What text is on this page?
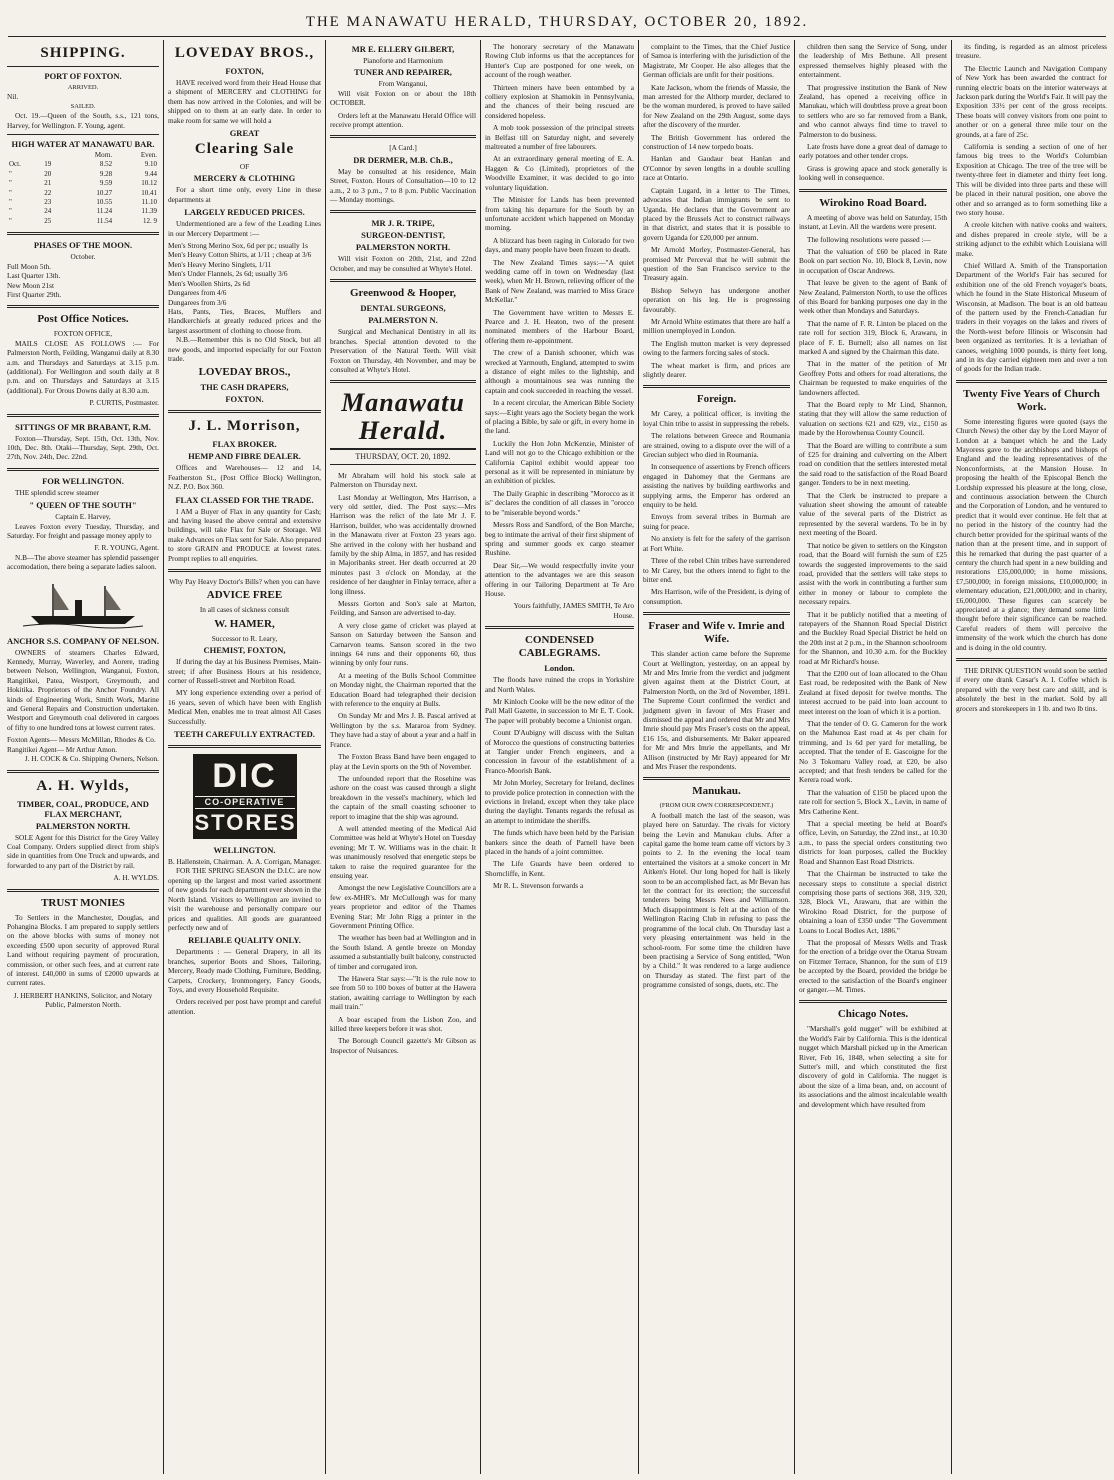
THE MANAWATU HERALD, THURSDAY, OCTOBER 20, 1892.
SHIPPING.
PORT OF FOXTON.
ARRIVED.
Nil.
SAILED.

Oct. 19.—Queen of the South, s.s., 121 tons, Harvey, for Wellington. F. Young, agent.

HIGH WATER AT MANAWATU BAR.
		Morn.	Even.
Oct.	19	8.52	9.10
"	20	9.28	9.44
"	21	9.59	10.12
"	22	10.27	10.41
"	23	10.55	11.10
"	24	11.24	11.39
"	25	11.54	12. 9
PHASES OF THE MOON.
October.
Full Moon 5th.
Last Quarter 13th.
New Moon 21st
First Quarter 29th.
Post Office Notices.
FOXTON OFFICE,

MAILS CLOSE AS FOLLOWS :— For Palmerston North, Feilding, Wanganui daily at 8.30 a.m. and Thursdays and Saturdays at 3.15 p.m. (additional). For Wellington and south daily at 8 p.m. and on Thursdays and Saturdays at 3.15 (additional). For Orous Downs daily at 8.30 a.m.

P. CURTIS, Postmaster.
SITTINGS OF MR BRABANT, R.M.

Foxton—Thursday, Sept. 15th, Oct. 13th, Nov. 10th, Dec. 8th. Otaki—Thursday, Sept. 29th, Oct. 27th, Nov. 24th, Dec. 22nd.

FOR WELLINGTON.

THE splendid screw steamer

" QUEEN OF THE SOUTH"
Captain E. Harvey,

Leaves Foxton every Tuesday, Thursday, and Saturday. For freight and passage money apply to

F. R. YOUNG, Agent.

N.B—The above steamer has splendid passenger accomodation, there being a separate ladies saloon.

ANCHOR S.S. COMPANY OF NELSON.

OWNERS of steamers Charles Edward, Kennedy, Murray, Waverley, and Aorere, trading between Nelson, Wellington, Wanganui, Foxton, Rangitikei, Patea, Westport, Greymouth, and Hokitika. Proprietors of the Anchor Foundry. All kinds of Engineering Work, Smith Work, Marine and General Repairs and Construction undertaken. Westport and Greymouth coal delivered in cargoes of fifty to one hundred tons at lowest current rates.

Foxton Agents— Messrs McMillan, Rhodes & Co.
Rangitikei Agent— Mr Arthur Amon.
J. H. COCK & Co. Shipping Owners, Nelson.
A. H. Wylds,
TIMBER, COAL, PRODUCE, AND FLAX MERCHANT,
PALMERSTON NORTH.

SOLE Agent for this District for the Grey Valley Coal Company. Orders supplied direct from ship's side in quantities from One Truck and upwards, and forwarded to any part of the District by rail.

A. H. WYLDS.
TRUST MONIES

To Settlers in the Manchester, Douglas, and Pohangina Blocks. I am prepared to supply settlers on the above blocks with sums of money not exceeding £500 upon security of approved Rural Land without requiring payment of procuration, commission, or other such fees, and at current rate of interest. £40,000 in sums of £2000 upwards at current rates.

J. HERBERT HANKINS, Solicitor, and Notary Public, Palmerston North.
LOVEDAY BROS.,
FOXTON,

HAVE received word from their Head House that a shipment of MERCERY and CLOTHING for them has now arrived in the Colonies, and will be shipped on to them at an early date. In order to make room for same we will hold a

GREAT
Clearing Sale
OF
MERCERY & CLOTHING

For a short time only, every Line in these departments at

LARGELY REDUCED PRICES.

Undermentioned are a few of the Leading Lines in our Mercery Department :—

Men's Strong Merino Sox, 6d per pr.; usually 1s
Men's Heavy Cotton Shirts, at 1/11 ; cheap at 3/6
Men's Heavy Merino Singlets, 1/11
Men's Under Flannels, 2s 6d; usually 3/6
Men's Woollen Shirts, 2s 6d
Dungarees from 4/6
Dungarees from 3/6
Hats, Pants, Ties, Braces, Mufflers and Handkerchiefs at greatly reduced prices and the largest assortment of clothing to choose from.

N.B.—Remember this is no Old Stock, but all new goods, and imported especially for our Foxton trade.

LOVEDAY BROS.,
THE CASH DRAPERS,
FOXTON.
J. L. Morrison,
FLAX BROKER.
HEMP AND FIBRE DEALER.

Offices and Warehouses— 12 and 14, Featherston St., (Post Office Block) Wellington, N.Z. P.O. Box 360.

FLAX CLASSED FOR THE TRADE.

I AM a Buyer of Flax in any quantity for Cash; and having leased the above central and extensive buildings, will take Flax for Sale or Storage. Wil make Advances on Flax sent for Sale. Also prepared to store GRAIN and PRODUCE at lowest rates. Prompt replies to all enquiries.

Why Pay Heavy Doctor's Bills? when you can have
ADVICE FREE
In all cases of sickness consult
W. HAMER,
Successor to R. Leary,
CHEMIST, FOXTON,

If during the day at his Business Premises, Main-street; if after Business Hours at his residence, corner of Russell-street and Norbiton Road.

MY long experience extending over a period of 16 years, seven of which have been with English Medical Men, enables me to treat almost All Cases Successfully.

TEETH CAREFULLY EXTRACTED.
DIC
CO-OPERATIVE
STORES
WELLINGTON.
B. Hallenstein, Chairman. A. A. Corrigan, Manager.

FOR THE SPRING SEASON the D.I.C. are now opening up the largest and most varied assortment of new goods for each department ever shown in the North Island. Visitors to Wellington are invited to visit the warehouse and personally compare our prices and qualities. All goods are guaranteed perfectly new and of

RELIABLE QUALITY ONLY.

Departments : — General Drapery, in all its branches, superior Boots and Shoes, Tailoring, Mercery, Ready made Clothing, Furniture, Bedding, Carpets, Crockery, Ironmongery, Fancy Goods, Toys, and every Household Requisite.

Orders received per post have prompt and careful attention.

MR E. ELLERY GILBERT,
Pianoforte and Harmonium
TUNER AND REPAIRER,
From Wanganui,

Will visit Foxton on or about the 18th OCTOBER.

Orders left at the Manawatu Herald Office will receive prompt attention.

[A Card.]
DR DERMER, M.B. Ch.B.,

May be consulted at his residence, Main Street, Foxton. Hours of Consultation—10 to 12 a.m., 2 to 3 p.m., 7 to 8 p.m. Public Vaccination — Monday mornings.

MR J. R. TRIPE,
SURGEON-DENTIST,
PALMERSTON NORTH.

Will visit Foxton on 20th, 21st, and 22nd October, and may be consulted at Whyte's Hotel.

Greenwood & Hooper,
DENTAL SURGEONS,
PALMERSTON N.

Surgical and Mechanical Dentistry in all its branches. Special attention devoted to the Preservation of the Natural Teeth. Will visit Foxton on Thursday, 4th November, and may be consulted at Whyte's Hotel.

Manawatu Herald.
THURSDAY, OCT. 20, 1892.

Mr Abraham will hold his stock sale at Palmerston on Thursday next.

Last Monday at Wellington, Mrs Harrison, a very old settler, died. The Post says:—Mrs Harrison was the relict of the late Mr J. F. Harrison, builder, who was accidentally drowned in the Manawatu river at Foxton 23 years ago. She arrived in the colony with her husband and family by the ship Alma, in 1857, and has resided in Majoribanks street. Her death occurred at 20 minutes past 3 o'clock on Monday, at the residence of her daughter in Finlay terrace, after a long illness.

Messrs Gorton and Son's sale at Marton, Feilding, and Sanson are advertised to-day.

A very close game of cricket was played at Sanson on Saturday between the Sanson and Carnarvon teams. Sanson scored in the two innings 64 runs and their opponents 60, thus winning by only four runs.

At a meeting of the Bulls School Committee on Monday night, the Chairman reported that the Education Board had telegraphed their decision with reference to the enquiry at Bulls.

On Sunday Mr and Mrs J. B. Pascal arrived at Wellington by the s.s. Mararoa from Sydney. They have had a stay of about a year and a half in France.

The Foxton Brass Band have been engaged to play at the Levin sports on the 9th of November.

The unfounded report that the Rosehine was ashore on the coast was caused through a slight breakdown in the vessel's machinery, which led the captain of the small coasting schooner to report to imagine that the ship was aground.

A well attended meeting of the Medical Aid Committee was held at Whyte's Hotel on Tuesday evening; Mr T. W. Williams was in the chair. It was unanimously resolved that energetic steps be taken to raise the required guarantee for the ensuing year.

Amongst the new Legislative Councillors are a few ex-MHR's. Mr McCullough was for many years proprietor and editor of the Thames Evening Star; Mr John Rigg a printer in the Government Printing Office.

The weather has been bad at Wellington and in the South Island. A gentle breeze on Monday assumed a substantially built balcony, constructed of timber and corrugated iron.

The Hawera Star says:—"It is the rule now to see from 50 to 100 boxes of butter at the Hawera station, awaiting carriage to Wellington by each mail train."

A boar escaped from the Lisbon Zoo, and killed three keepers before it was shot.

The Borough Council gazette's Mr Gibson as Inspector of Nuisances.

The honorary secretary of the Manawatu Rowing Club informs us that the acceptances for Hunter's Cup are postponed for one week, on account of the rough weather.

Thirteen miners have been entombed by a colliery explosion at Shamokin in Pennsylvania, and the chances of their being rescued are considered hopeless.

A mob took possession of the principal streets in Belfast till on Saturday night, and severely maltreated a number of free labourers.

At an extraordinary general meeting of E. A. Haggen & Co (Limited), proprietors of the Woodville Examiner, it was decided to go into voluntary liquidation.

The Minister for Lands has been prevented from taking his departure for the South by an unfortunate accident which happened on Monday morning.

A blizzard has been raging in Colorado for two days, and many people have been frozen to death.

The New Zealand Times says:—"A quiet wedding came off in town on Wednesday (last week), when Mr H. Brown, relieving officer of the Bank of New Zealand, was married to Miss Grace McKellar."

The Government have written to Messrs E. Pearce and J. H. Heaton, two of the present nominated members of the Harbour Board, offering them re-appointment.

The crew of a Danish schooner, which was wrecked at Yarmouth, England, attempted to swim a distance of eight miles to the lightship, and although a mountainous sea was running the captain and cook succeeded in reaching the vessel.

In a recent circular, the American Bible Society says:—Eight years ago the Society began the work of placing a Bible, by sale or gift, in every home in the land.

Luckily the Hon John McKenzie, Minister of Land will not go to the Chicago exhibition or the California Capitol exhibit would appear too personal as it will be represented in miniature by an exhibition of pickles.

The Daily Graphic in describing "Morocco as it is" declares the condition of all classes in "orocco to be "miserable beyond words."

Messrs Ross and Sandford, of the Bon Marche, beg to intimate the arrival of their first shipment of spring and summer goods ex cargo steamer Rushine.

Dear Sir,—We would respectfully invite your attention to the advantages we are this season offering in our Tailoring Department at Te Aro House.

Yours faithfully, JAMES SMITH, Te Aro House.

CONDENSED CABLEGRAMS.
London.

The floods have ruined the crops in Yorkshire and North Wales.

Mr Kinloch Cooke will be the new editor of the Pall Mall Gazette, in succession to Mr E. T. Cook. The paper will probably become a Unionist organ.

Count D'Aubigny will discuss with the Sultan of Morocco the questions of constructing batteries at Tangier under French engineers, and a concession in favour of the establishment of a Franco-Moorish Bank.

Mr John Morley, Secretary for Ireland, declines to provide police protection in connection with the evictions in Ireland, except when they take place during the daylight. Tenants regards the refusal as an attempt to intimidate the sheriffs.

The funds which have been held by the Parisian bankers since the death of Parnell have been placed in the hands of a joint committee.

The Life Guards have been ordered to Shorncliffe, in Kent.

Mr R. L. Stevenson forwards a

complaint to the Times, that the Chief Justice of Samoa is interfering with the jurisdiction of the Magistrate, Mr Cooper. He also alleges that the German officials are unfit for their positions.

Kate Jackson, whom the friends of Massie, the man arrested for the Althorp murder, declared to be the woman murdered, is proved to have sailed for New Zealand on the 29th August, some days after the discovery of the murder.

The British Government has ordered the construction of 14 new torpedo boats.

Hanlan and Gaudaur beat Hanlan and O'Connor by seven lengths in a double sculling race at Ontario.

Captain Lugard, in a letter to The Times, advocates that Indian immigrants be sent to Uganda. He declares that the Government are placed by the Brussels Act to construct railways in that district, and states that it is possible to govern Uganda for £20,000 per annum.

Mr Arnold Morley, Postmaster-General, has promised Mr Perceval that he will submit the question of the San Francisco service to the Treasury again.

Bishop Selwyn has undergone another operation on his leg. He is progressing favourably.

Mr Arnold White estimates that there are half a million unemployed in London.

The English mutton market is very depressed owing to the farmers forcing sales of stock.

The wheat market is firm, and prices are slightly dearer.

Foreign.

Mr Carey, a political officer, is inviting the loyal Chin tribe to assist in suppressing the rebels.

The relations between Greece and Roumania are strained, owing to a dispute over the will of a Grecian subject who died in Roumania.

In consequence of assertions by French officers engaged in Dahomey that the Germans are assisting the natives by building earthworks and supplying arms, the Emperor has ordered an enquiry to be held.

Envoys from several tribes in Burmah are suing for peace.

No anxiety is felt for the safety of the garrison at Fort White.

Three of the rebel Chin tribes have surrendered to Mr Carey, but the others intend to fight to the bitter end.

Mrs Harrison, wife of the President, is dying of consumption.

Fraser and Wife v. Imrie and Wife.

This slander action came before the Supreme Court at Wellington, yesterday, on an appeal by Mr and Mrs Imrie from the verdict and judgment given against them at the District Court, at Palmerston North, on the 3rd of November, 1891. The Supreme Court confirmed the verdict and judgment given in favour of Mrs Fraser and dismissed the appeal and ordered that Mr and Mrs Imrie should pay Mrs Fraser's costs on the appeal, £16 15s, and disbursements. Mr Baker appeared for Mr and Mrs Imrie the appellants, and Mr Allison (instructed by Mr Ray) appeared for Mr and Mrs Fraser the respondents.

Manukau.
(FROM OUR OWN CORRESPONDENT.)

A football match the last of the season, was played here on Saturday. The rivals for victory being the Levin and Manukau clubs. After a capital game the home team came off victors by 3 points to 2. In the evening the local team entertained the visitors at a smoke concert in Mr Aitken's Hotel. Our long hoped for hall is likely soon to be an accomplished fact, as Mr Bevan has let the contract for its erection; the successful tenderers being Messrs Nees and Williamson. Much disappointment is felt at the action of the Wellington Racing Club in refusing to pass the programme of the local club. On Thursday last a very pleasing entertainment was held in the school-room. For some time the children have been practising a Service of Song entitled, "Won by a Child." It was rendered to a large audience on Thursday as stated. The first part of the programme consisted of songs, duets, etc. The

children then sang the Service of Song, under the leadership of Mrs Bethune. All present expressed themselves highly pleased with the entertainment.

That progressive institution the Bank of New Zealand, has opened a receiving office in Manukau, which will doubtless prove a great boon to settlers who are so far removed from a Bank, and who cannot always find time to travel to Palmerston to do business.

Late frosts have done a great deal of damage to early potatoes and other tender crops.

Grass is growing apace and stock generally is looking well in consequence.

Wirokino Road Board.

A meeting of above was held on Saturday, 15th instant, at Levin. All the wardens were present.

The following resolutions were passed :—

That the valuation of £60 be placed in Rate Book on part section No. 10, Block 8, Levin, now in occupation of Oscar Andrews.

That leave be given to the agent of Bank of New Zealand, Palmerston North, to use the offices of this Board for banking purposes one day in the week other than Mondays and Saturdays.

That the name of F. R. Linton be placed on the rate roll for section 319, Block 6, Arawaru, in place of F. E. Burnell; also all names on list marked A and signed by the Chairman this date.

That in the matter of the petition of Mr Geoffrey Potts and others for road alterations, the Chairman be requested to make enquiries of the landowners affected.

That the Board reply to Mr Lind, Shannon, stating that they will allow the same reduction of valuation on sections 621 and 629, viz., £150 as made by the Horowhenua County Council.

That the Board are willing to contribute a sum of £25 for draining and culverting on the Albert road on condition that the settlers interested metal the said road to the satisfaction of the Road Board ganger. Tenders to be in next meeting.

That the Clerk be instructed to prepare a valuation sheet showing the amount of rateable value of the several parts of the District as represented by the several wardens. To be in by next meeting of the Board.

That notice be given to settlers on the Kingston road, that the Board will furnish the sum of £25 towards the suggested improvements to the said road, provided that the settlers will take steps to assist with the work in contributing a further sum either in money or labour to complete the necessary repairs.

That it be publicly notified that a meeting of ratepayers of the Shannon Road Special District and the Buckley Road Special District be held on the 20th inst at 2 p.m., in the Shannon schoolroom for the Shannon, and 10.30 a.m. for the Buckley road at Mr Richard's house.

That the £200 out of loan allocated to the Ohau East road, be redeposited with the Bank of New Zealand at fixed deposit for twelve months. The interest accrued to be paid into loan account to meet interest on the loan of which it is a portion.

That the tender of O. G. Cameron for the work on the Mahunoa East road at 4s per chain for trimming, and 1s 6d per yard for metalling, be accepted. That the tender of E. Gascoigne for the No 3 Tokomaru Valley road, at £20, be also accepted; and that fresh tenders be called for the Kerera road work.

That the valuation of £150 be placed upon the rate roll for section 5, Block X., Levin, in name of Mrs Catherine Kent.

That a special meeting be held at Board's office, Levin, on Saturday, the 22nd inst., at 10.30 a.m., to pass the special orders constituting two districts for loan purposes, called the Buckley Road and Shannon East Road Districts.

That the Chairman be instructed to take the necessary steps to constitute a special district comprising those parts of sections 368, 319, 320, 328, Block VI., Arawaru, that are within the Wirokino Road District, for the purpose of obtaining a loan of £350 under "The Government Loans to Local Bodies Act, 1886."

That the proposal of Messrs Wells and Trask for the erection of a bridge over the Otarua Stream on Fitzmer Terrace, Shannon, for the sum of £19 be accepted by the Board, provided the bridge be erected to the satisfaction of the Board's engineer or ganger.—M. Times.

Chicago Notes.

"Marshall's gold nugget" will be exhibited at the World's Fair by California. This is the identical nugget which Marshall picked up in the American River, Feb 16, 1848, when selecting a site for Sutter's mill, and which constituted the first discovery of gold in California. The nugget is about the size of a lima bean, and, on account of its associations and the almost incalculable wealth and development which have resulted from

its finding, is regarded as an almost priceless treasure.

The Electric Launch and Navigation Company of New York has been awarded the contract for running electric boats on the interior waterways at Jackson park during the World's Fair. It will pay the Exposition 33½ per cent of the gross receipts. These boats will convey visitors from one point to another or on a general three mile tour on the grounds, at a fare of 25c.

California is sending a section of one of her famous big trees to the World's Columbian Exposition at Chicago. The tree of the tree will be twenty-three feet in diameter and thirty feet long. This will be divided into three parts and these will be placed in their natural position, one above the other and so arranged as to form something like a two story house.

A creole kitchen with native cooks and waiters, and dishes prepared in creole style, will be a striking adjunct to the exhibit which Louisiana will make.

Chief Willard A. Smith of the Transportation Department of the World's Fair has secured for exhibition one of the old French voyager's boats, which he found in the State Historical Museum of Wisconsin, at Madison. The boat is an old batteau of the pattern used by the French-Canadian fur traders in their voyages on the lakes and rivers of the North-west before Illinois or Wisconsin had been organized as territories. It is a leviathan of canoes, weighing 1000 pounds, is thirty feet long, and in its day carried eighteen men and over a ton of goods for the Indian trade.

Twenty Five Years of Church Work.

Some interesting figures were quoted (says the Church News) the other day by the Lord Mayor of London at a banquet which he and the Lady Mayoress gave to the archbishops and bishops of England and the leading representatives of the Nonconformists, at the Mansion House. In proposing the health of the Episcopal Bench the Lordship expressed his pleasure at the long, close, and continuous association between the Church and the Corporation of London, and he ventured to predict that it would ever continue. He felt that at no period in the history of the country had the church better provided for the spiritual wants of the nation than at the present time, and in support of this he remarked that during the past quarter of a century the church had spent in a new building and restorations £35,000,000; in home missions, £7,500,000; in foreign missions, £10,000,000; in elementary education, £21,000,000; and in charity, £6,000,000. These figures can scarcely be appreciated at a glance; they demand some little thought before their significance can be reached. Careful readers of them will perceive the immensity of the work which the church has done and is doing in the old country.

THE DRINK QUESTION would soon be settled if every one drank Cæsar's A. I. Coffee which is prepared with the very best care and skill, and is absolutely the best in the market. Sold by all grocers and storekeepers in 1 lb. and two lb tins.
